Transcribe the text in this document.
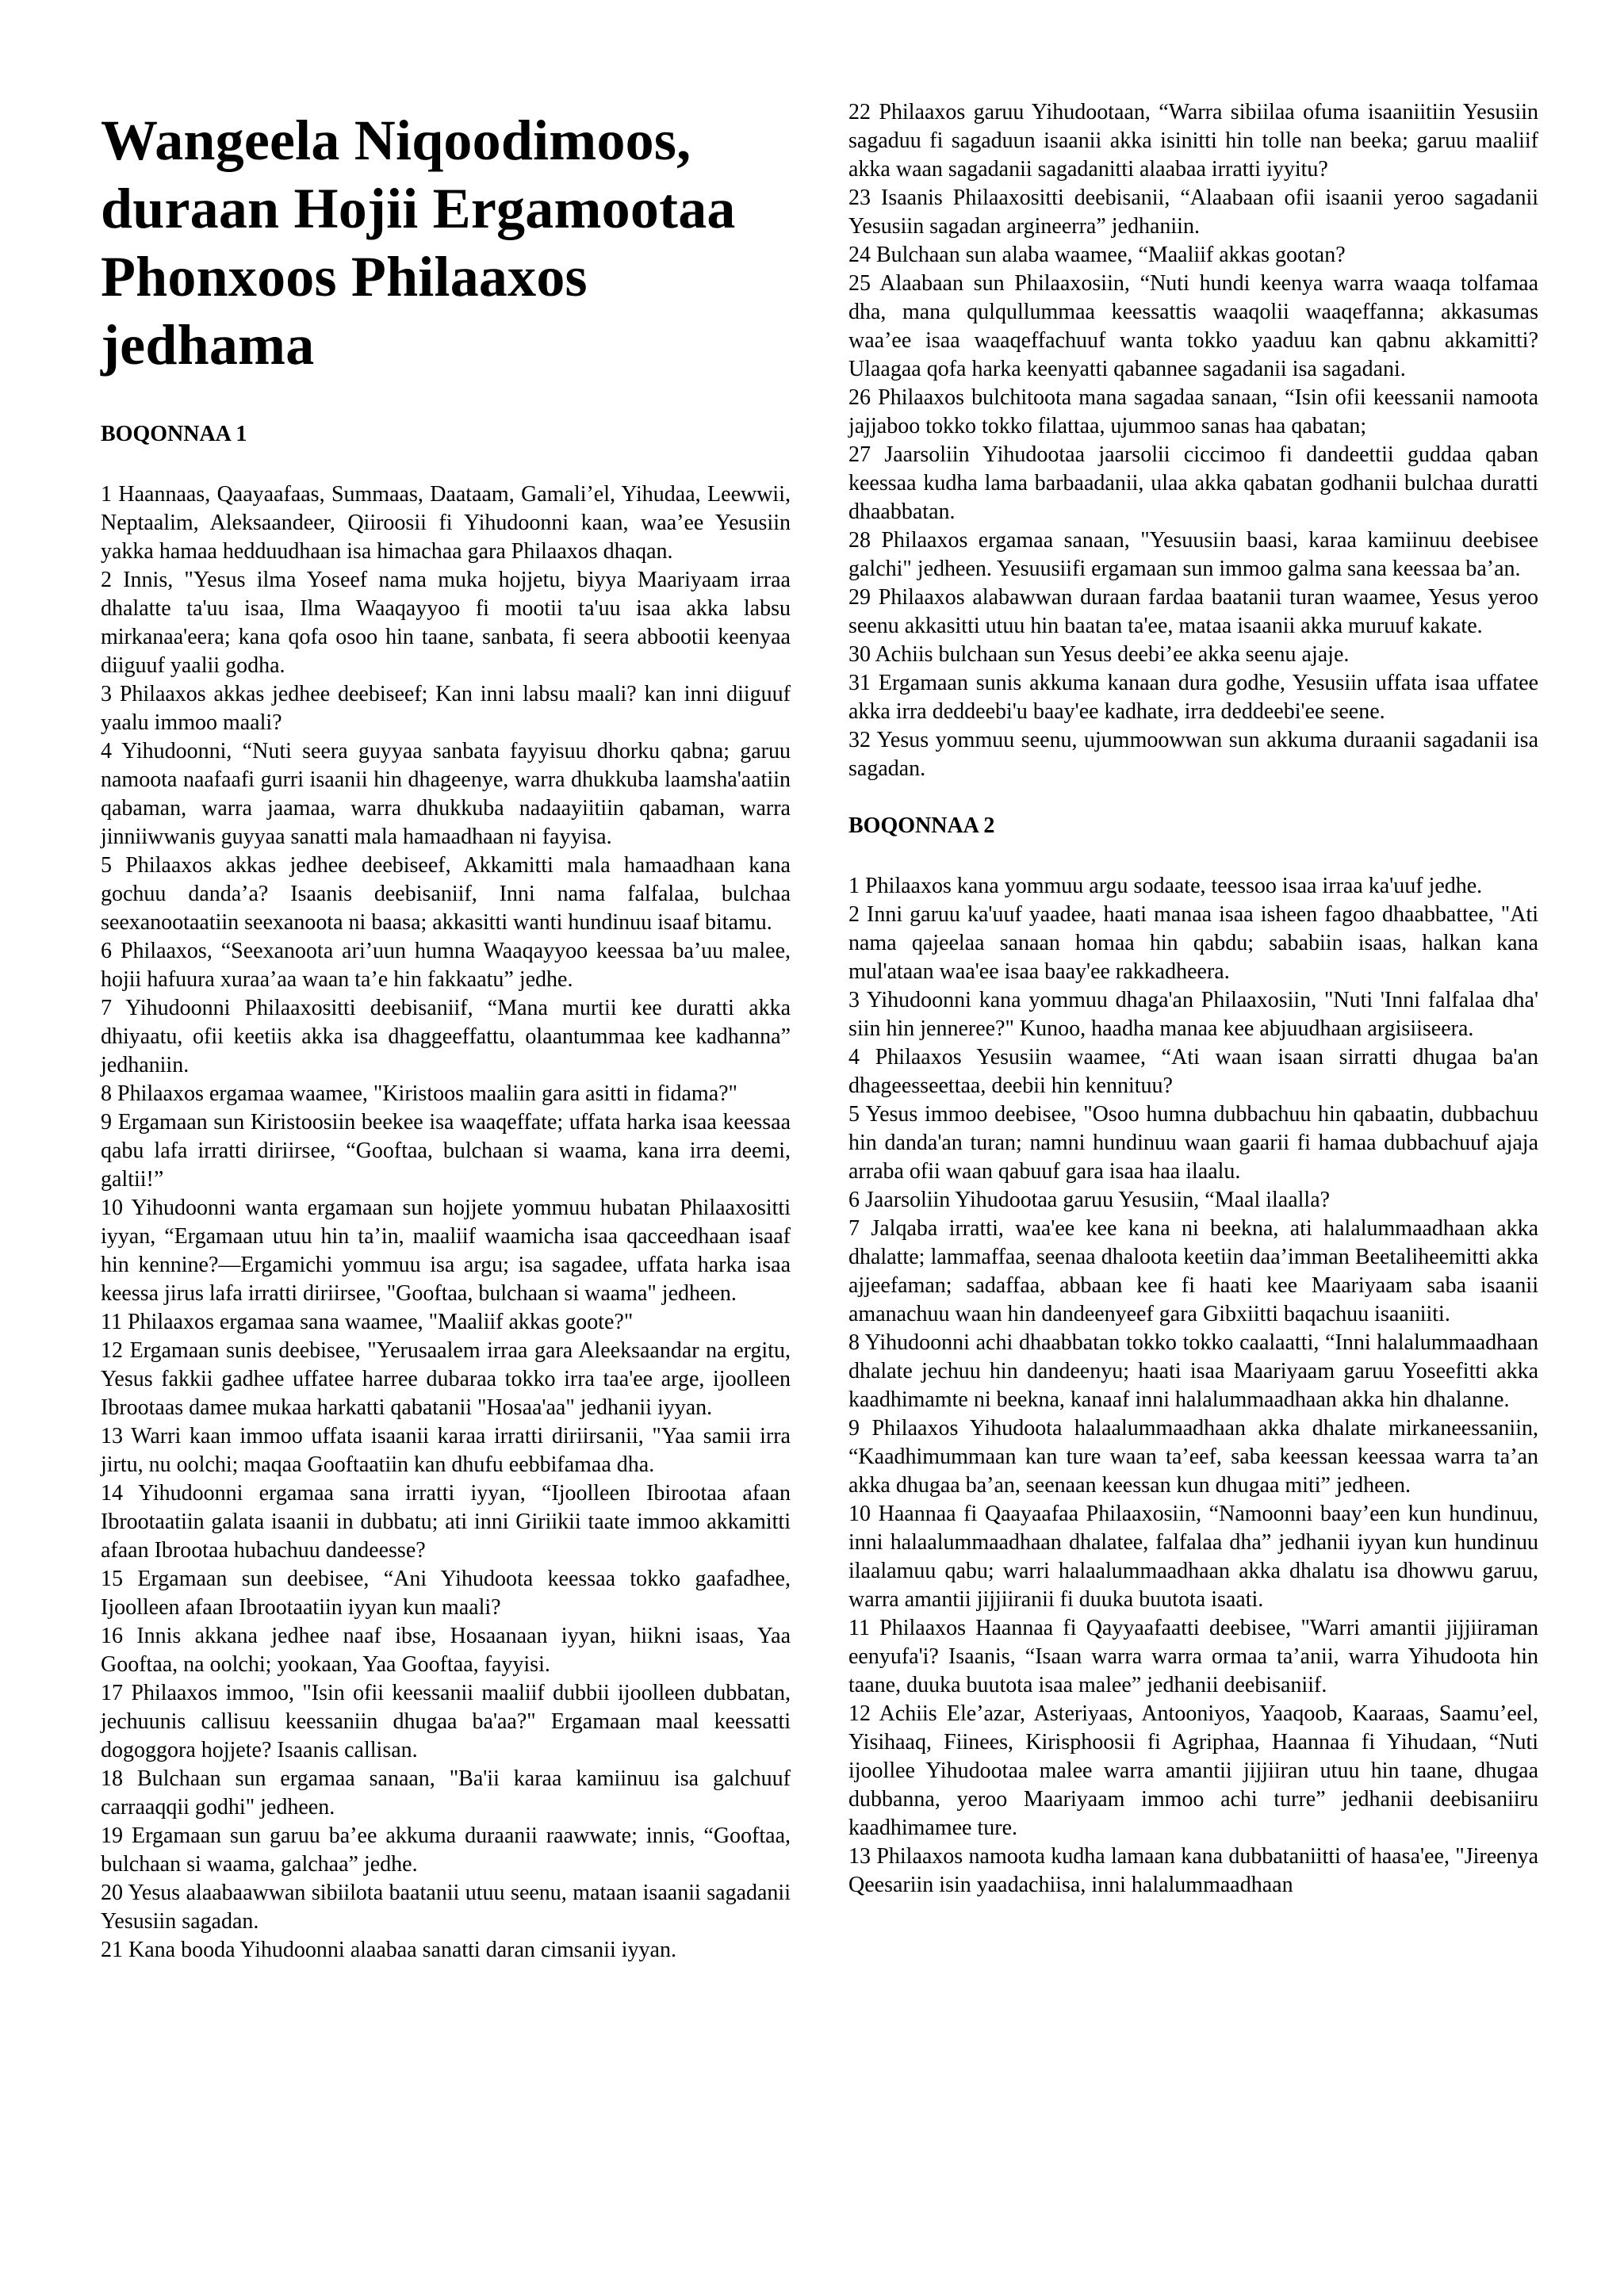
Wangeela Niqoodimoos, duraan Hojii Ergamootaa Phonxoos Philaaxos jedhama
BOQONNAA 1

1 Haannaas, Qaayaafaas, Summaas, Daataam, Gamali’el, Yihudaa, Leewwii, Neptaalim, Aleksaandeer, Qiiroosii fi Yihudoonni kaan, waa’ee Yesusiin yakka hamaa hedduudhaan isa himachaa gara Philaaxos dhaqan.

2 Innis, "Yesus ilma Yoseef nama muka hojjetu, biyya Maariyaam irraa dhalatte ta'uu isaa, Ilma Waaqayyoo fi mootii ta'uu isaa akka labsu mirkanaa'eera; kana qofa osoo hin taane, sanbata, fi seera abbootii keenyaa diiguuf yaalii godha.

3 Philaaxos akkas jedhee deebiseef; Kan inni labsu maali? kan inni diiguuf yaalu immoo maali?

4 Yihudoonni, “Nuti seera guyyaa sanbata fayyisuu dhorku qabna; garuu namoota naafaafi gurri isaanii hin dhageenye, warra dhukkuba laamsha'aatiin qabaman, warra jaamaa, warra dhukkuba nadaayiitiin qabaman, warra jinniiwwanis guyyaa sanatti mala hamaadhaan ni fayyisa.

5 Philaaxos akkas jedhee deebiseef, Akkamitti mala hamaadhaan kana gochuu danda’a? Isaanis deebisaniif, Inni nama falfalaa, bulchaa seexanootaatiin seexanoota ni baasa; akkasitti wanti hundinuu isaaf bitamu.

6 Philaaxos, “Seexanoota ari’uun humna Waaqayyoo keessaa ba’uu malee, hojii hafuura xuraa’aa waan ta’e hin fakkaatu” jedhe.

7 Yihudoonni Philaaxositti deebisaniif, “Mana murtii kee duratti akka dhiyaatu, ofii keetiis akka isa dhaggeeffattu, olaantummaa kee kadhanna” jedhaniin.

8 Philaaxos ergamaa waamee, "Kiristoos maaliin gara asitti in fidama?"

9 Ergamaan sun Kiristoosiin beekee isa waaqeffate; uffata harka isaa keessaa qabu lafa irratti diriirsee, “Gooftaa, bulchaan si waama, kana irra deemi, galtii!”

10 Yihudoonni wanta ergamaan sun hojjete yommuu hubatan Philaaxositti iyyan, “Ergamaan utuu hin ta’in, maaliif waamicha isaa qacceedhaan isaaf hin kennine?—Ergamichi yommuu isa argu; isa sagadee, uffata harka isaa keessa jirus lafa irratti diriirsee, "Gooftaa, bulchaan si waama" jedheen.

11 Philaaxos ergamaa sana waamee, "Maaliif akkas goote?"

12 Ergamaan sunis deebisee, "Yerusaalem irraa gara Aleeksaandar na ergitu, Yesus fakkii gadhee uffatee harree dubaraa tokko irra taa'ee arge, ijoolleen Ibrootaas damee mukaa harkatti qabatanii "Hosaa'aa" jedhanii iyyan.

13 Warri kaan immoo uffata isaanii karaa irratti diriirsanii, "Yaa samii irra jirtu, nu oolchi; maqaa Gooftaatiin kan dhufu eebbifamaa dha.

14 Yihudoonni ergamaa sana irratti iyyan, “Ijoolleen Ibirootaa afaan Ibrootaatiin galata isaanii in dubbatu; ati inni Giriikii taate immoo akkamitti afaan Ibrootaa hubachuu dandeesse?

15 Ergamaan sun deebisee, “Ani Yihudoota keessaa tokko gaafadhee, Ijoolleen afaan Ibrootaatiin iyyan kun maali?

16 Innis akkana jedhee naaf ibse, Hosaanaan iyyan, hiikni isaas, Yaa Gooftaa, na oolchi; yookaan, Yaa Gooftaa, fayyisi.

17 Philaaxos immoo, "Isin ofii keessanii maaliif dubbii ijoolleen dubbatan, jechuunis callisuu keessaniin dhugaa ba'aa?" Ergamaan maal keessatti dogoggora hojjete? Isaanis callisan.

18 Bulchaan sun ergamaa sanaan, "Ba'ii karaa kamiinuu isa galchuuf carraaqqii godhi" jedheen.

19 Ergamaan sun garuu ba’ee akkuma duraanii raawwate; innis, “Gooftaa, bulchaan si waama, galchaa” jedhe.

20 Yesus alaabaawwan sibiilota baatanii utuu seenu, mataan isaanii sagadanii Yesusiin sagadan.

21 Kana booda Yihudoonni alaabaa sanatti daran cimsanii iyyan.

22 Philaaxos garuu Yihudootaan, “Warra sibiilaa ofuma isaaniitiin Yesusiin sagaduu fi sagaduun isaanii akka isinitti hin tolle nan beeka; garuu maaliif akka waan sagadanii sagadanitti alaabaa irratti iyyitu?

23 Isaanis Philaaxositti deebisanii, “Alaabaan ofii isaanii yeroo sagadanii Yesusiin sagadan argineerra” jedhaniin.

24 Bulchaan sun alaba waamee, “Maaliif akkas gootan?

25 Alaabaan sun Philaaxosiin, “Nuti hundi keenya warra waaqa tolfamaa dha, mana qulqullummaa keessattis waaqolii waaqeffanna; akkasumas waa’ee isaa waaqeffachuuf wanta tokko yaaduu kan qabnu akkamitti? Ulaagaa qofa harka keenyatti qabannee sagadanii isa sagadani.

26 Philaaxos bulchitoota mana sagadaa sanaan, “Isin ofii keessanii namoota jajjaboo tokko tokko filattaa, ujummoo sanas haa qabatan;

27 Jaarsoliin Yihudootaa jaarsolii ciccimoo fi dandeettii guddaa qaban keessaa kudha lama barbaadanii, ulaa akka qabatan godhanii bulchaa duratti dhaabbatan.

28 Philaaxos ergamaa sanaan, "Yesuusiin baasi, karaa kamiinuu deebisee galchi" jedheen. Yesuusiifi ergamaan sun immoo galma sana keessaa ba’an.

29 Philaaxos alabawwan duraan fardaa baatanii turan waamee, Yesus yeroo seenu akkasitti utuu hin baatan ta'ee, mataa isaanii akka muruuf kakate.

30 Achiis bulchaan sun Yesus deebi’ee akka seenu ajaje.

31 Ergamaan sunis akkuma kanaan dura godhe, Yesusiin uffata isaa uffatee akka irra deddeebi'u baay'ee kadhate, irra deddeebi'ee seene.

32 Yesus yommuu seenu, ujummoowwan sun akkuma duraanii sagadanii isa sagadan.

BOQONNAA 2

1 Philaaxos kana yommuu argu sodaate, teessoo isaa irraa ka'uuf jedhe.

2 Inni garuu ka'uuf yaadee, haati manaa isaa isheen fagoo dhaabbattee, "Ati nama qajeelaa sanaan homaa hin qabdu; sababiin isaas, halkan kana mul'ataan waa'ee isaa baay'ee rakkadheera.

3 Yihudoonni kana yommuu dhaga'an Philaaxosiin, "Nuti 'Inni falfalaa dha' siin hin jenneree?" Kunoo, haadha manaa kee abjuudhaan argisiiseera.

4 Philaaxos Yesusiin waamee, “Ati waan isaan sirratti dhugaa ba'an dhageesseettaa, deebii hin kennituu?

5 Yesus immoo deebisee, "Osoo humna dubbachuu hin qabaatin, dubbachuu hin danda'an turan; namni hundinuu waan gaarii fi hamaa dubbachuuf ajaja arraba ofii waan qabuuf gara isaa haa ilaalu.

6 Jaarsoliin Yihudootaa garuu Yesusiin, “Maal ilaalla?

7 Jalqaba irratti, waa'ee kee kana ni beekna, ati halalummaadhaan akka dhalatte; lammaffaa, seenaa dhaloota keetiin daa’imman Beetaliheemitti akka ajjeefaman; sadaffaa, abbaan kee fi haati kee Maariyaam saba isaanii amanachuu waan hin dandeenyeef gara Gibxiitti baqachuu isaaniiti.

8 Yihudoonni achi dhaabbatan tokko tokko caalaatti, “Inni halalummaadhaan dhalate jechuu hin dandeenyu; haati isaa Maariyaam garuu Yoseefitti akka kaadhimamte ni beekna, kanaaf inni halalummaadhaan akka hin dhalanne.

9 Philaaxos Yihudoota halaalummaadhaan akka dhalate mirkaneessaniin, “Kaadhimummaan kan ture waan ta’eef, saba keessan keessaa warra ta’an akka dhugaa ba’an, seenaan keessan kun dhugaa miti” jedheen.

10 Haannaa fi Qaayaafaa Philaaxosiin, “Namoonni baay’een kun hundinuu, inni halaalummaadhaan dhalatee, falfalaa dha” jedhanii iyyan kun hundinuu ilaalamuu qabu; warri halaalummaadhaan akka dhalatu isa dhowwu garuu, warra amantii jijjiiranii fi duuka buutota isaati.

11 Philaaxos Haannaa fi Qayyaafaatti deebisee, "Warri amantii jijjiiraman eenyufa'i? Isaanis, “Isaan warra warra ormaa ta’anii, warra Yihudoota hin taane, duuka buutota isaa malee” jedhanii deebisaniif.

12 Achiis Ele’azar, Asteriyaas, Antooniyos, Yaaqoob, Kaaraas, Saamu’eel, Yisihaaq, Fiinees, Kirisphoosii fi Agriphaa, Haannaa fi Yihudaan, “Nuti ijoollee Yihudootaa malee warra amantii jijjiiran utuu hin taane, dhugaa dubbanna, yeroo Maariyaam immoo achi turre” jedhanii deebisaniiru kaadhimamee ture.

13 Philaaxos namoota kudha lamaan kana dubbataniitti of haasa'ee, "Jireenya Qeesariin isin yaadachiisa, inni halalummaadhaan
